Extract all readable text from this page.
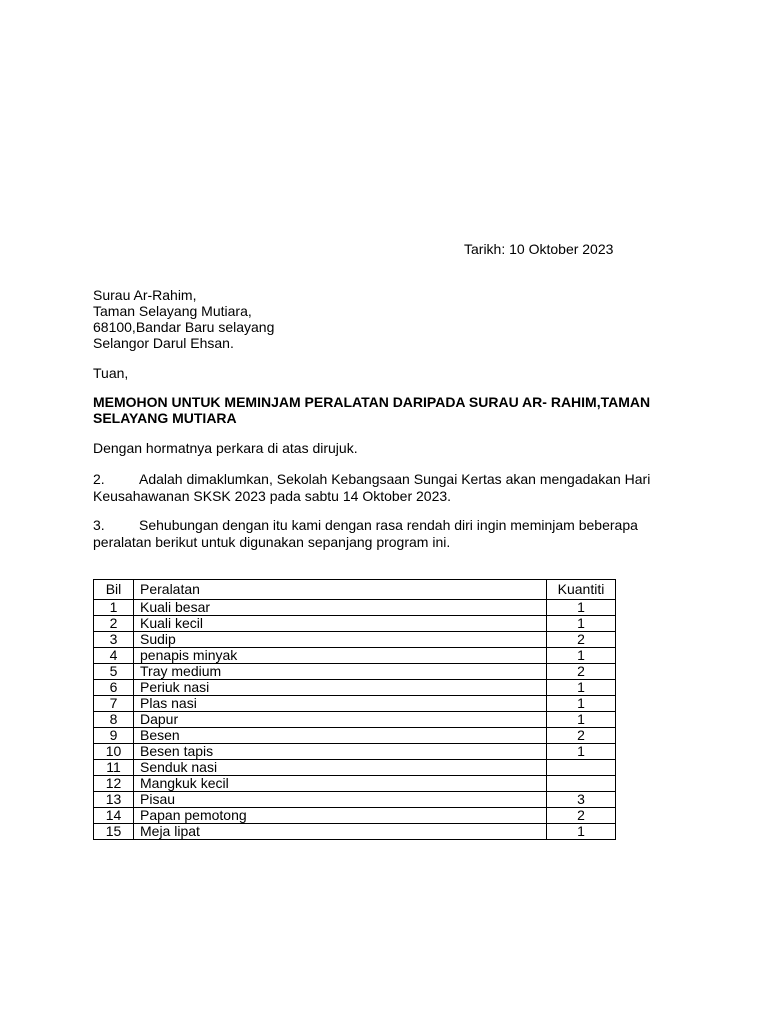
Tarikh: 10 Oktober 2023
Surau Ar-Rahim,
Taman Selayang Mutiara,
68100,Bandar Baru selayang
Selangor Darul Ehsan.
Tuan,
MEMOHON UNTUK MEMINJAM PERALATAN DARIPADA SURAU AR- RAHIM,TAMAN SELAYANG MUTIARA
Dengan hormatnya perkara di atas dirujuk.
2. Adalah dimaklumkan, Sekolah Kebangsaan Sungai Kertas akan mengadakan Hari Keusahawanan SKSK 2023 pada sabtu 14 Oktober 2023.
3. Sehubungan dengan itu kami dengan rasa rendah diri ingin meminjam beberapa peralatan berikut untuk digunakan sepanjang program ini.
Bil	Peralatan	Kuantiti
1	Kuali besar	1
2	Kuali kecil	1
3	Sudip	2
4	penapis minyak	1
5	Tray medium	2
6	Periuk nasi	1
7	Plas nasi	1
8	Dapur	1
9	Besen	2
10	Besen tapis	1
11	Senduk nasi	
12	Mangkuk kecil	
13	Pisau	3
14	Papan pemotong	2
15	Meja lipat	1
